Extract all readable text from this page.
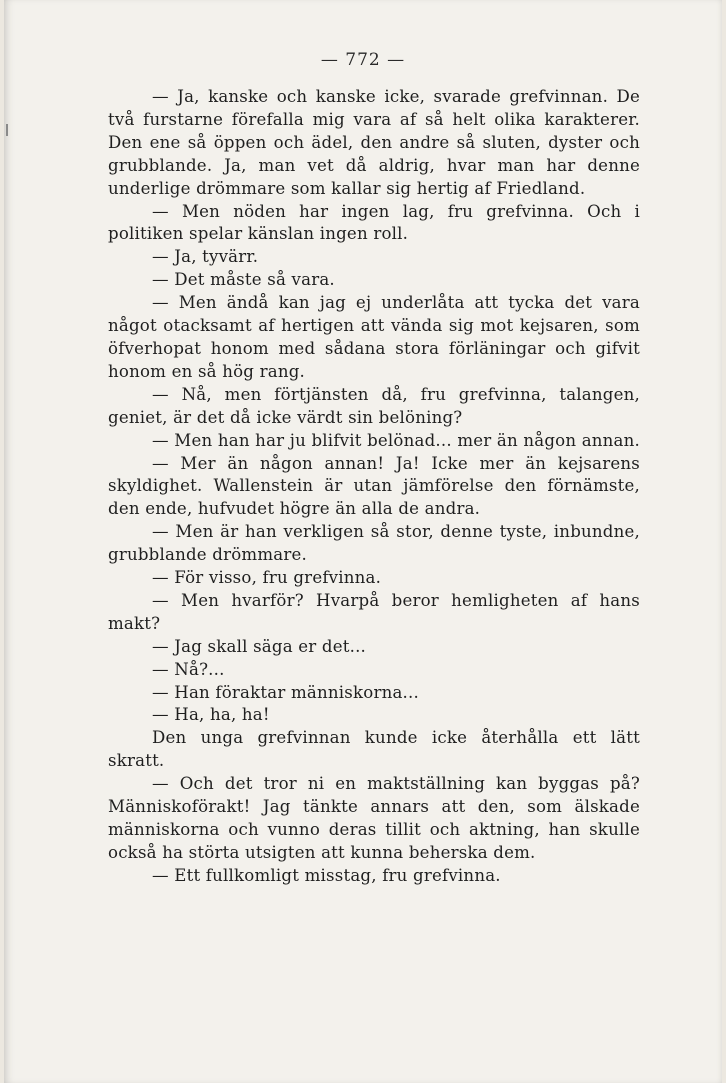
— 772 —

— Ja, kanske och kanske icke, svarade grefvinnan. De två furstarne förefalla mig vara af så helt olika karakterer. Den ene så öppen och ädel, den andre så sluten, dyster och grubblande. Ja, man vet då aldrig, hvar man har denne underlige drömmare som kallar sig hertig af Friedland.

— Men nöden har ingen lag, fru grefvinna. Och i politiken spelar känslan ingen roll.

— Ja, tyvärr.

— Det måste så vara.

— Men ändå kan jag ej underlåta att tycka det vara något otacksamt af hertigen att vända sig mot kejsaren, som öfverhopat honom med sådana stora förläningar och gifvit honom en så hög rang.

— Nå, men förtjänsten då, fru grefvinna, talangen, geniet, är det då icke värdt sin belöning?

— Men han har ju blifvit belönad... mer än någon annan.

— Mer än någon annan! Ja! Icke mer än kejsarens skyldighet. Wallenstein är utan jämförelse den förnämste, den ende, hufvudet högre än alla de andra.

— Men är han verkligen så stor, denne tyste, inbundne, grubblande drömmare.

— För visso, fru grefvinna.

— Men hvarför? Hvarpå beror hemligheten af hans makt?

— Jag skall säga er det...

— Nå?...

— Han föraktar människorna...

— Ha, ha, ha!

Den unga grefvinnan kunde icke återhålla ett lätt skratt.

— Och det tror ni en maktställning kan byggas på? Människoförakt! Jag tänkte annars att den, som älskade människorna och vunno deras tillit och aktning, han skulle också ha störta utsigten att kunna beherska dem.

— Ett fullkomligt misstag, fru grefvinna.
